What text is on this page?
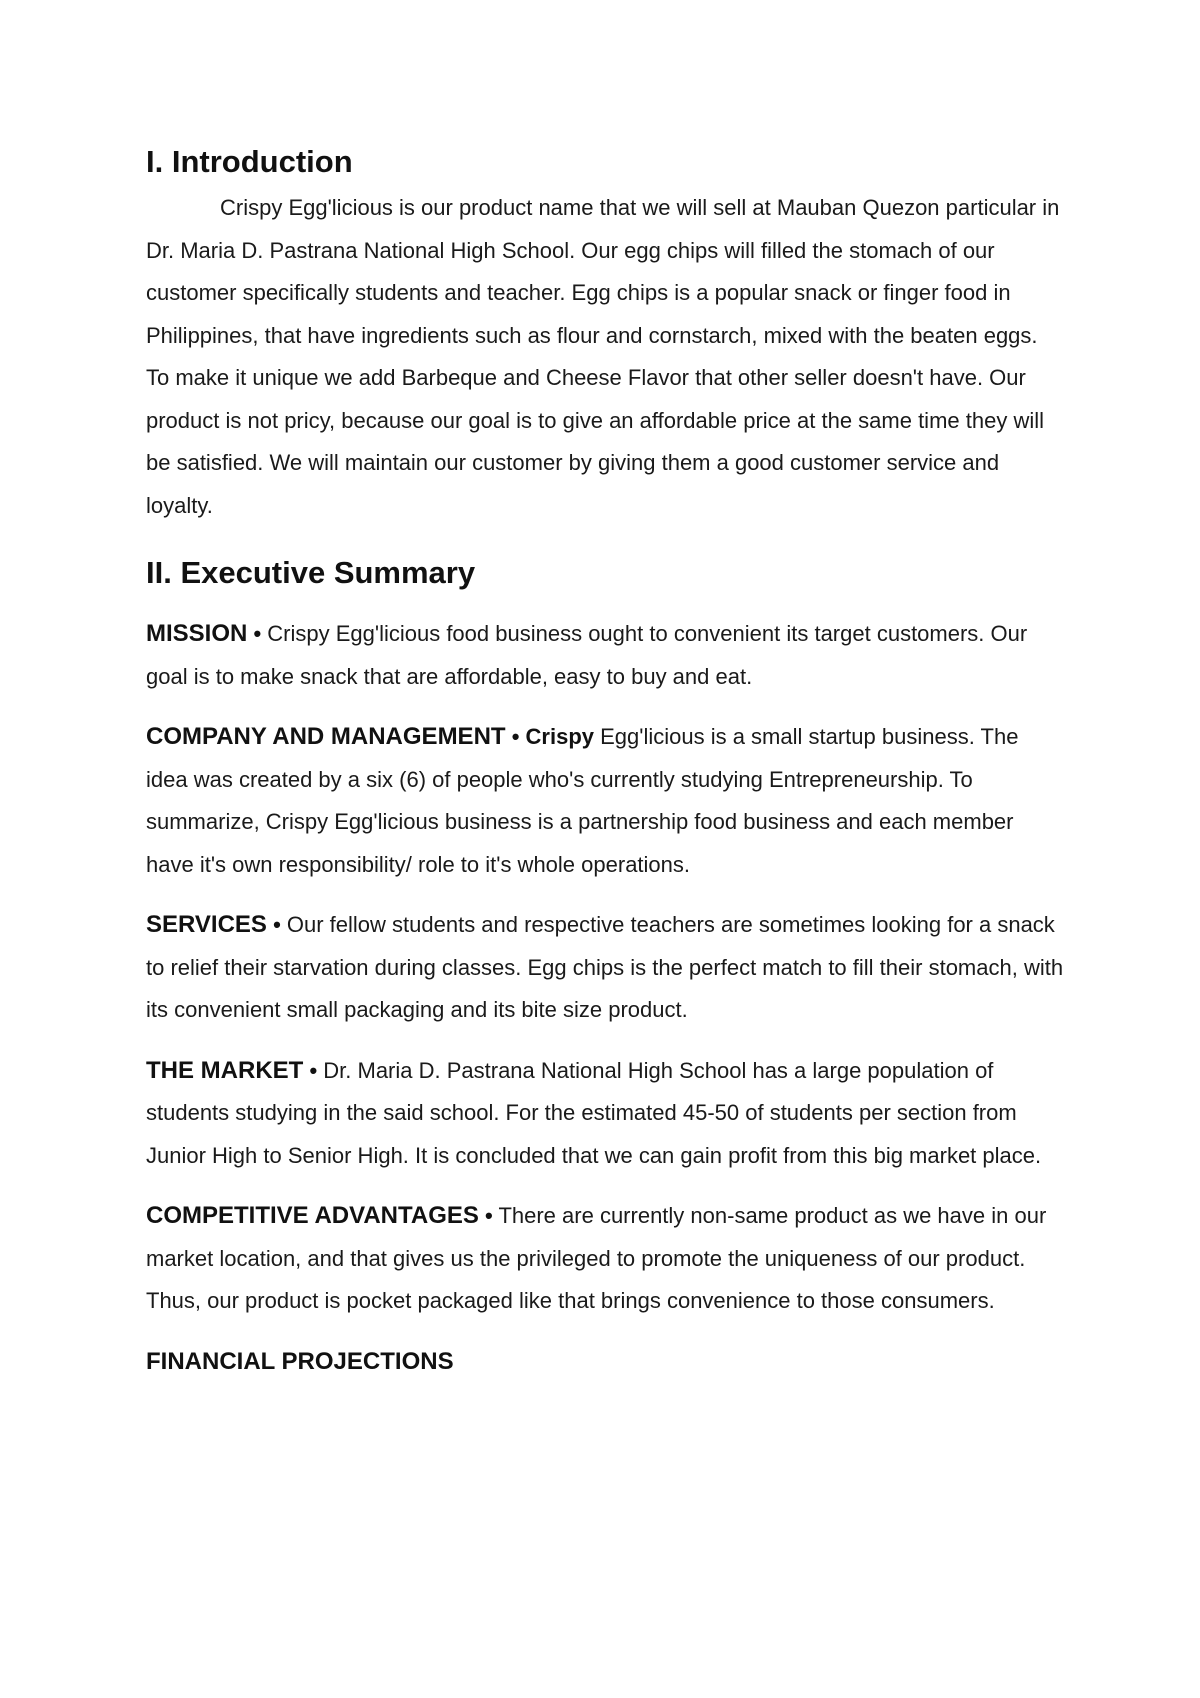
I. Introduction

Crispy Egg'licious is our product name that we will sell at Mauban Quezon particular in Dr. Maria D. Pastrana National High School. Our egg chips will filled the stomach of our customer specifically students and teacher. Egg chips is a popular snack or finger food in Philippines, that have ingredients such as flour and cornstarch, mixed with the beaten eggs. To make it unique we add Barbeque and Cheese Flavor that other seller doesn't have. Our product is not pricy, because our goal is to give an affordable price at the same time they will be satisfied. We will maintain our customer by giving them a good customer service and loyalty.

II. Executive Summary

MISSION • Crispy Egg'licious food business ought to convenient its target customers. Our goal is to make snack that are affordable, easy to buy and eat.

COMPANY AND MANAGEMENT • Crispy Egg'licious is a small startup business. The idea was created by a six (6) of people who's currently studying Entrepreneurship. To summarize, Crispy Egg'licious business is a partnership food business and each member have it's own responsibility/ role to it's whole operations.

SERVICES • Our fellow students and respective teachers are sometimes looking for a snack to relief their starvation during classes. Egg chips is the perfect match to fill their stomach, with its convenient small packaging and its bite size product.

THE MARKET • Dr. Maria D. Pastrana National High School has a large population of students studying in the said school. For the estimated 45-50 of students per section from Junior High to Senior High. It is concluded that we can gain profit from this big market place.

COMPETITIVE ADVANTAGES • There are currently non-same product as we have in our market location, and that gives us the privileged to promote the uniqueness of our product. Thus, our product is pocket packaged like that brings convenience to those consumers.

FINANCIAL PROJECTIONS
